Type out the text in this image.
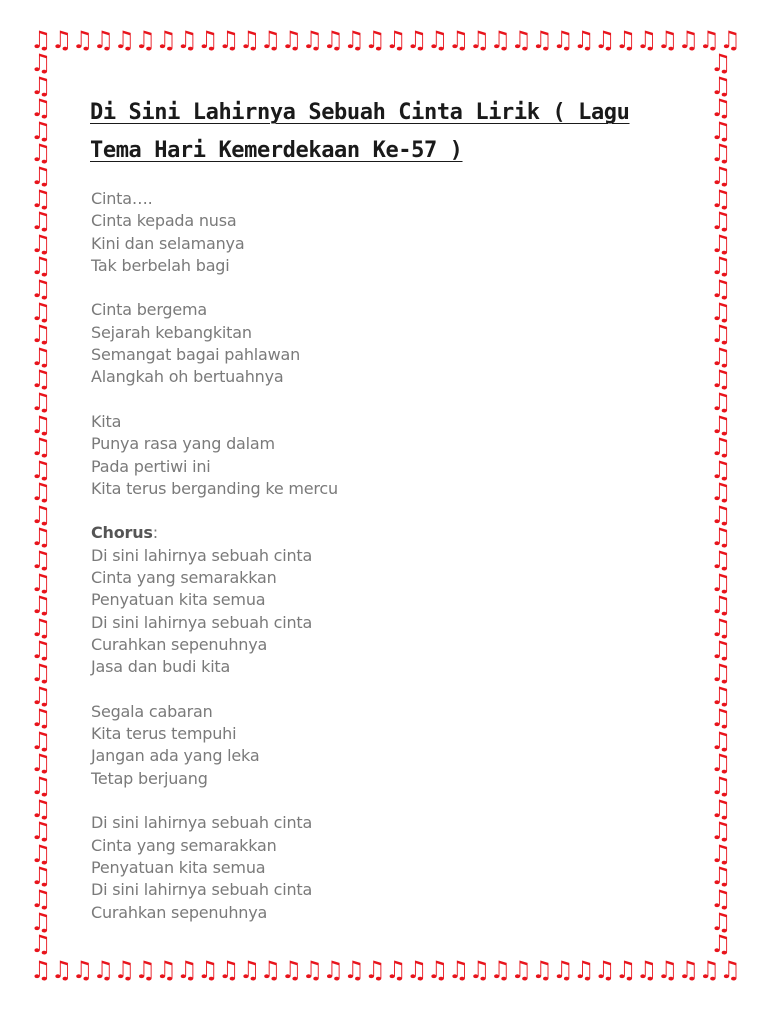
♫♫♫♫♫♫♫♫♫♫♫♫♫♫♫♫♫♫♫♫♫♫♫♫♫♫♫♫♫♫♫♫♫♫
♫
♫
♫
♫
♫
♫
♫
♫
♫
♫
♫
♫
♫
♫
♫
♫
♫
♫
♫
♫
♫
♫
♫
♫
♫
♫
♫
♫
♫
♫
♫
♫
♫
♫
♫
♫
♫
♫
♫
♫
♫
♫
♫
♫
♫
♫
♫
♫
♫
♫
♫
♫
♫
♫
♫
♫
♫
♫
♫
♫
♫
♫
♫
♫
♫
♫
♫
♫
♫
♫
♫
♫
♫
♫
♫
♫
♫
♫
♫
♫
♫♫♫♫♫♫♫♫♫♫♫♫♫♫♫♫♫♫♫♫♫♫♫♫♫♫♫♫♫♫♫♫♫♫
Di Sini Lahirnya Sebuah Cinta Lirik ( Lagu Tema Hari Kemerdekaan Ke-57 )
Cinta….
Cinta kepada nusa
Kini dan selamanya
Tak berbelah bagi
Cinta bergema
Sejarah kebangkitan
Semangat bagai pahlawan
Alangkah oh bertuahnya
Kita
Punya rasa yang dalam
Pada pertiwi ini
Kita terus berganding ke mercu
Chorus:
Di sini lahirnya sebuah cinta
Cinta yang semarakkan
Penyatuan kita semua
Di sini lahirnya sebuah cinta
Curahkan sepenuhnya
Jasa dan budi kita
Segala cabaran
Kita terus tempuhi
Jangan ada yang leka
Tetap berjuang
Di sini lahirnya sebuah cinta
Cinta yang semarakkan
Penyatuan kita semua
Di sini lahirnya sebuah cinta
Curahkan sepenuhnya
